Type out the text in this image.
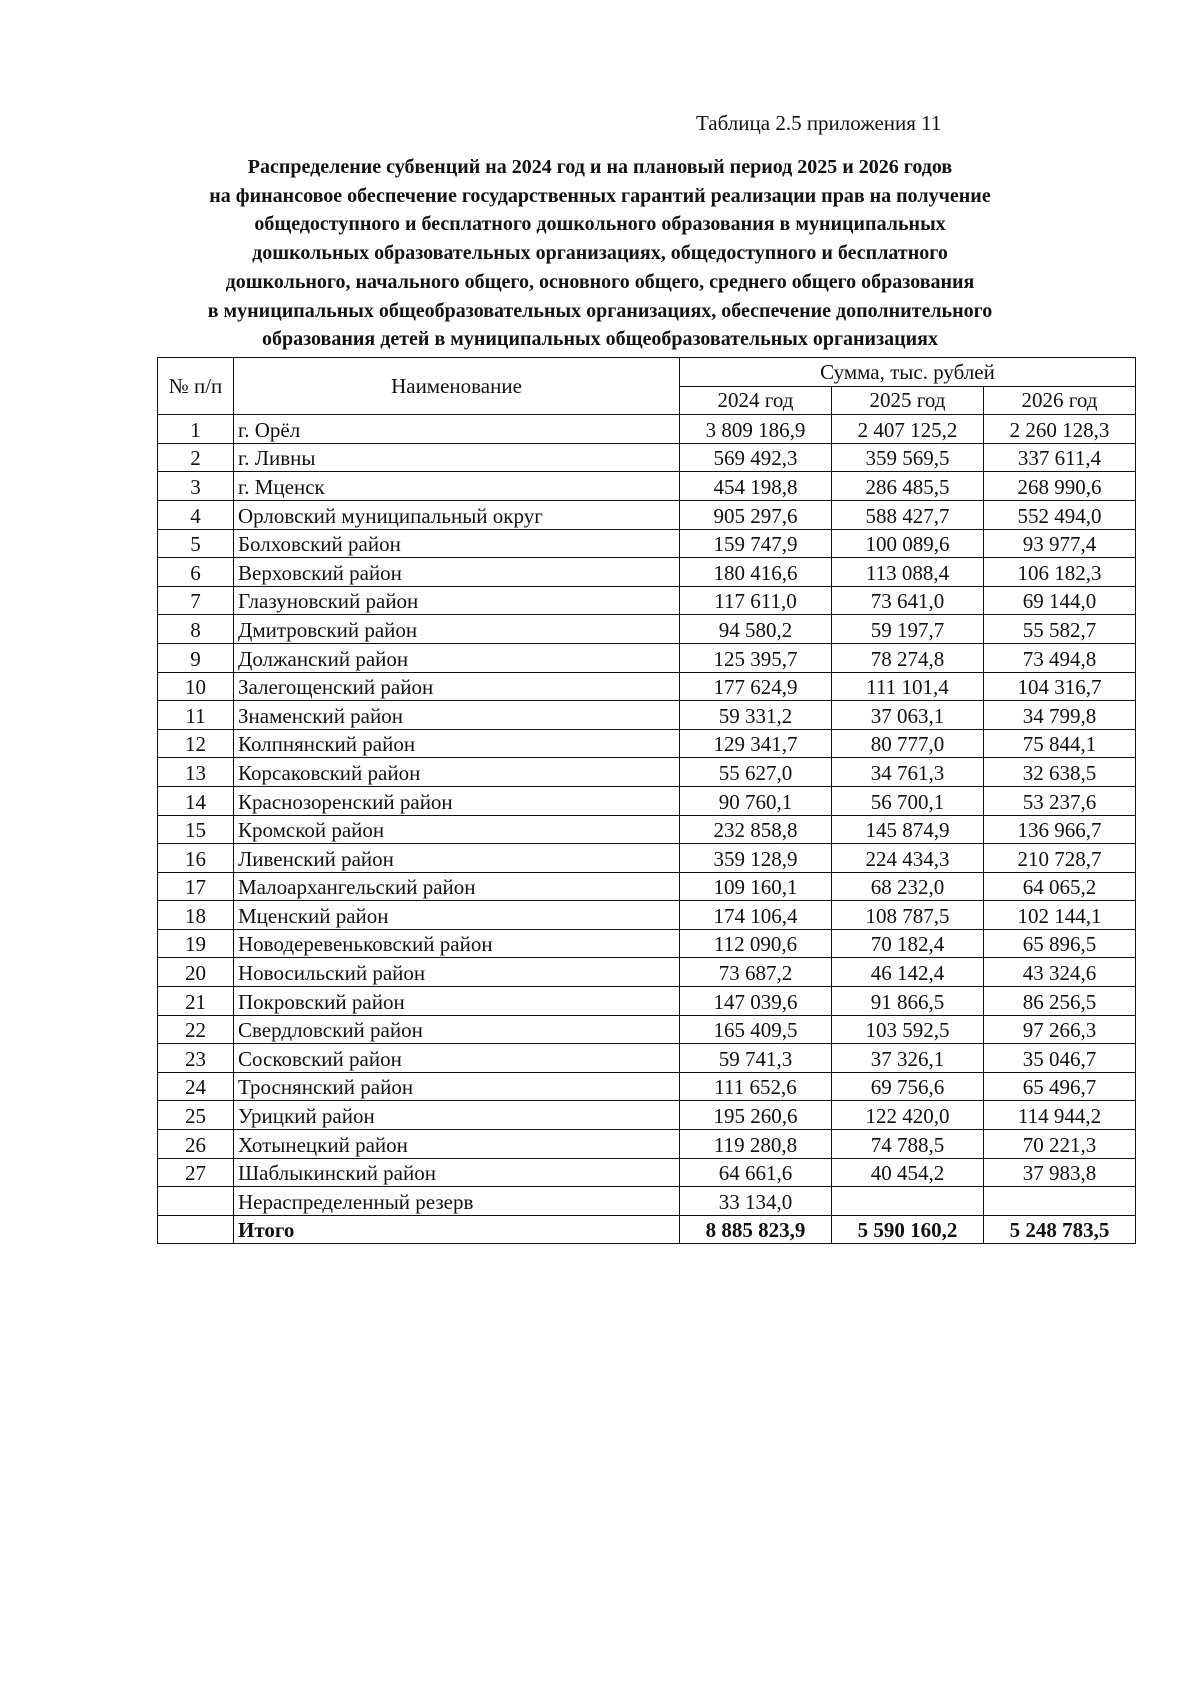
Таблица 2.5 приложения 11
Распределение субвенций на 2024 год и на плановый период 2025 и 2026 годов
на финансовое обеспечение государственных гарантий реализации прав на получение
общедоступного и бесплатного дошкольного образования в муниципальных
дошкольных образовательных организациях, общедоступного и бесплатного
дошкольного, начального общего, основного общего, среднего общего образования
в муниципальных общеобразовательных организациях, обеспечение дополнительного
образования детей в муниципальных общеобразовательных организациях
№ п/п	Наименование	Сумма, тыс. рублей		
		2024 год	2025 год	2026 год
1	г. Орёл	3 809 186,9	2 407 125,2	2 260 128,3
2	г. Ливны	569 492,3	359 569,5	337 611,4
3	г. Мценск	454 198,8	286 485,5	268 990,6
4	Орловский муниципальный округ	905 297,6	588 427,7	552 494,0
5	Болховский район	159 747,9	100 089,6	93 977,4
6	Верховский район	180 416,6	113 088,4	106 182,3
7	Глазуновский район	117 611,0	73 641,0	69 144,0
8	Дмитровский район	94 580,2	59 197,7	55 582,7
9	Должанский район	125 395,7	78 274,8	73 494,8
10	Залегощенский район	177 624,9	111 101,4	104 316,7
11	Знаменский район	59 331,2	37 063,1	34 799,8
12	Колпнянский район	129 341,7	80 777,0	75 844,1
13	Корсаковский район	55 627,0	34 761,3	32 638,5
14	Краснозоренский район	90 760,1	56 700,1	53 237,6
15	Кромской район	232 858,8	145 874,9	136 966,7
16	Ливенский район	359 128,9	224 434,3	210 728,7
17	Малоархангельский район	109 160,1	68 232,0	64 065,2
18	Мценский район	174 106,4	108 787,5	102 144,1
19	Новодеревеньковский район	112 090,6	70 182,4	65 896,5
20	Новосильский район	73 687,2	46 142,4	43 324,6
21	Покровский район	147 039,6	91 866,5	86 256,5
22	Свердловский район	165 409,5	103 592,5	97 266,3
23	Сосковский район	59 741,3	37 326,1	35 046,7
24	Троснянский район	111 652,6	69 756,6	65 496,7
25	Урицкий район	195 260,6	122 420,0	114 944,2
26	Хотынецкий район	119 280,8	74 788,5	70 221,3
27	Шаблыкинский район	64 661,6	40 454,2	37 983,8
	Нераспределенный резерв	33 134,0		
	Итого	8 885 823,9	5 590 160,2	5 248 783,5
